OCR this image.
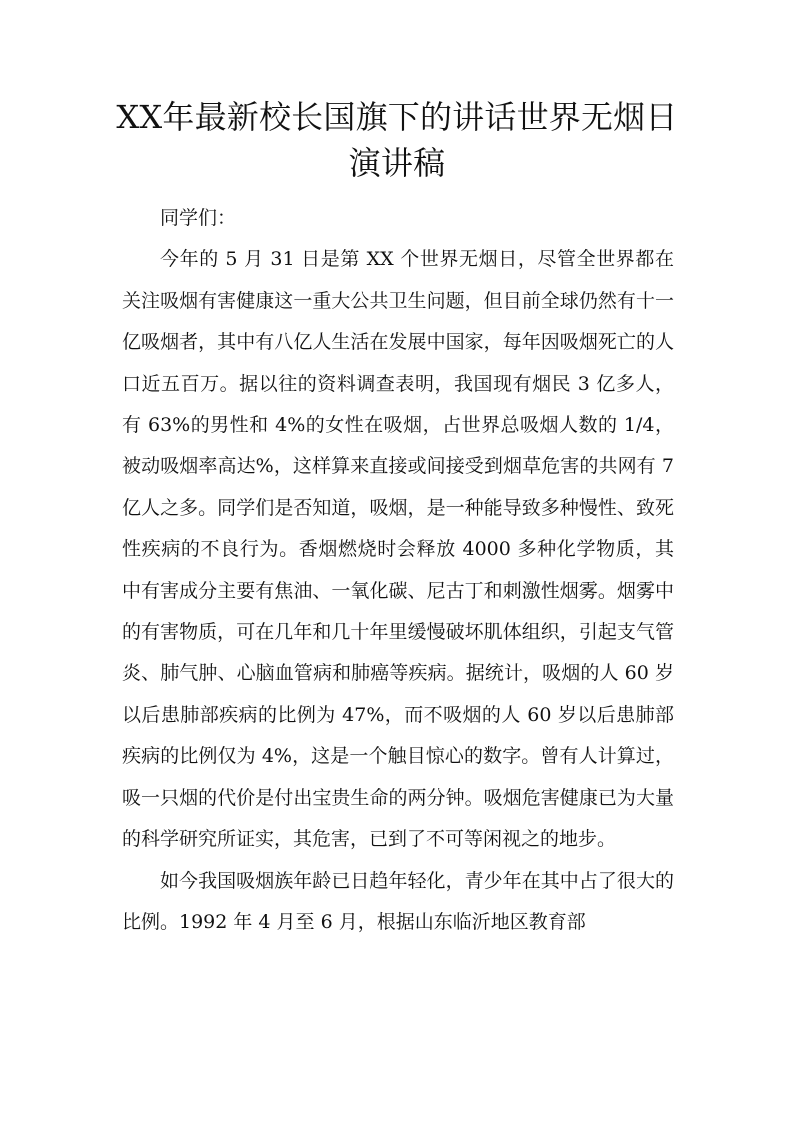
XX年最新校长国旗下的讲话世界无烟日
演讲稿

同学们：

今年的 5 月 31 日是第 XX 个世界无烟日，尽管全世界都在关注吸烟有害健康这一重大公共卫生问题，但目前全球仍然有十一亿吸烟者，其中有八亿人生活在发展中国家，每年因吸烟死亡的人口近五百万。据以往的资料调查表明，我国现有烟民 3 亿多人，有 63%的男性和 4%的女性在吸烟，占世界总吸烟人数的 1/4，被动吸烟率高达%，这样算来直接或间接受到烟草危害的共网有 7 亿人之多。同学们是否知道，吸烟，是一种能导致多种慢性、致死性疾病的不良行为。香烟燃烧时会释放 4000 多种化学物质，其中有害成分主要有焦油、一氧化碳、尼古丁和刺激性烟雾。烟雾中的有害物质，可在几年和几十年里缓慢破坏肌体组织，引起支气管炎、肺气肿、心脑血管病和肺癌等疾病。据统计，吸烟的人 60 岁以后患肺部疾病的比例为 47%，而不吸烟的人 60 岁以后患肺部疾病的比例仅为 4%，这是一个触目惊心的数字。曾有人计算过，吸一只烟的代价是付出宝贵生命的两分钟。吸烟危害健康已为大量的科学研究所证实，其危害，已到了不可等闲视之的地步。

如今我国吸烟族年龄已日趋年轻化，青少年在其中占了很大的比例。1992 年 4 月至 6 月，根据山东临沂地区教育部
